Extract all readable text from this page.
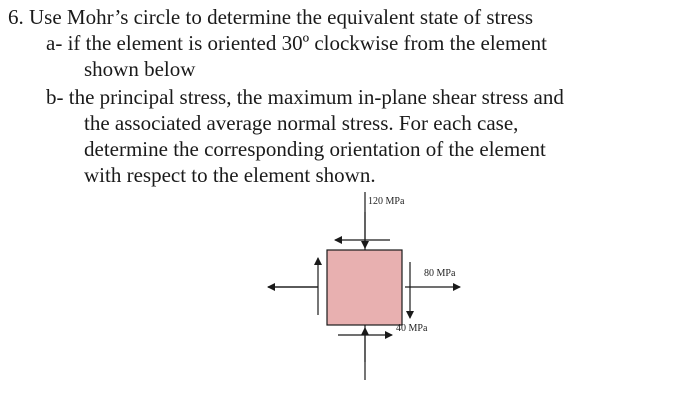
6. Use Mohr’s circle to determine the equivalent state of stress
a- if the element is oriented 30º clockwise from the element
shown below
b- the principal stress, the maximum in-plane shear stress and
the associated average normal stress. For each case,
determine the corresponding orientation of the element
with respect to the element shown.
120 MPa
80 MPa
40 MPa
